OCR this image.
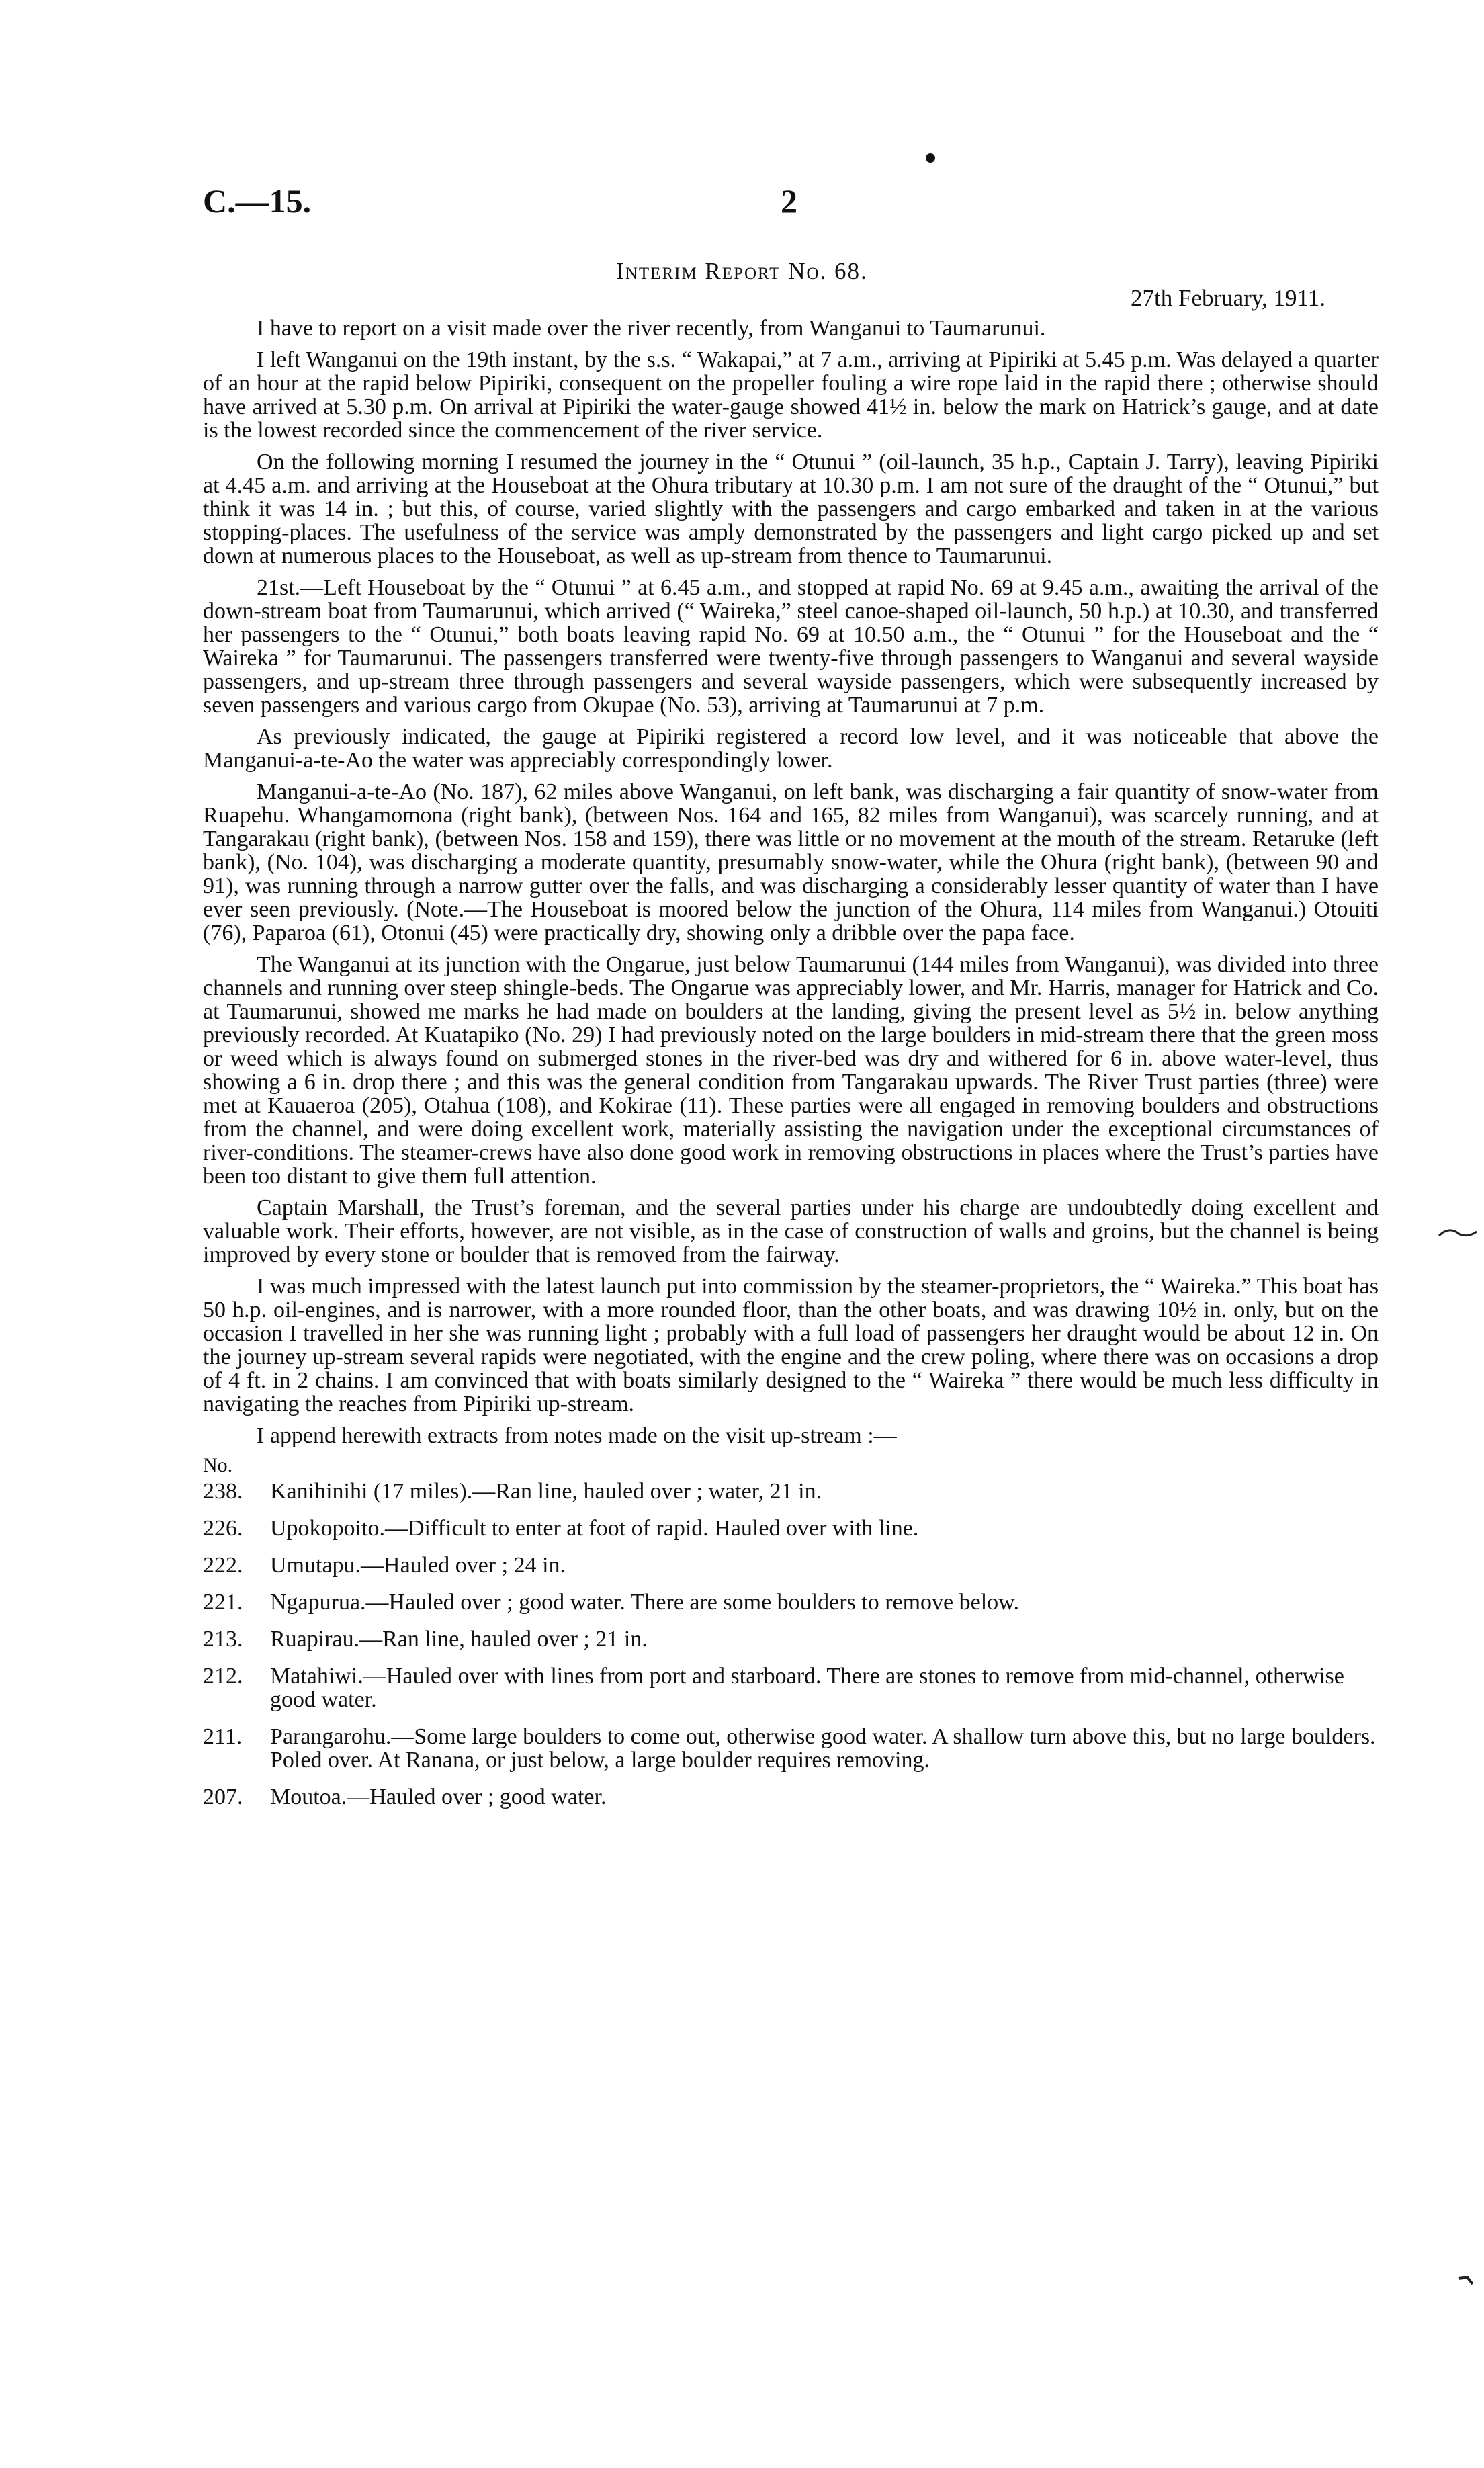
C.—15.	2
Interim Report No. 68.
27th February, 1911.

I have to report on a visit made over the river recently, from Wanganui to Taumarunui.

I left Wanganui on the 19th instant, by the s.s. “ Wakapai,” at 7 a.m., arriving at Pipiriki at 5.45 p.m. Was delayed a quarter of an hour at the rapid below Pipiriki, consequent on the propeller fouling a wire rope laid in the rapid there ; otherwise should have arrived at 5.30 p.m. On arrival at Pipiriki the water-gauge showed 41½ in. below the mark on Hatrick’s gauge, and at date is the lowest recorded since the commencement of the river service.

On the following morning I resumed the journey in the “ Otunui ” (oil-launch, 35 h.p., Captain J. Tarry), leaving Pipiriki at 4.45 a.m. and arriving at the Houseboat at the Ohura tributary at 10.30 p.m. I am not sure of the draught of the “ Otunui,” but think it was 14 in. ; but this, of course, varied slightly with the passengers and cargo embarked and taken in at the various stopping-places. The usefulness of the service was amply demonstrated by the passengers and light cargo picked up and set down at numerous places to the Houseboat, as well as up-stream from thence to Taumarunui.

21st.—Left Houseboat by the “ Otunui ” at 6.45 a.m., and stopped at rapid No. 69 at 9.45 a.m., awaiting the arrival of the down-stream boat from Taumarunui, which arrived (“ Waireka,” steel canoe-shaped oil-launch, 50 h.p.) at 10.30, and transferred her passengers to the “ Otunui,” both boats leaving rapid No. 69 at 10.50 a.m., the “ Otunui ” for the Houseboat and the “ Waireka ” for Taumarunui. The passengers transferred were twenty-five through passengers to Wanganui and several wayside passengers, and up-stream three through passengers and several wayside passengers, which were subsequently increased by seven passengers and various cargo from Okupae (No. 53), arriving at Taumarunui at 7 p.m.

As previously indicated, the gauge at Pipiriki registered a record low level, and it was noticeable that above the Manganui-a-te-Ao the water was appreciably correspondingly lower.

Manganui-a-te-Ao (No. 187), 62 miles above Wanganui, on left bank, was discharging a fair quantity of snow-water from Ruapehu. Whangamomona (right bank), (between Nos. 164 and 165, 82 miles from Wanganui), was scarcely running, and at Tangarakau (right bank), (between Nos. 158 and 159), there was little or no movement at the mouth of the stream. Retaruke (left bank), (No. 104), was discharging a moderate quantity, presumably snow-water, while the Ohura (right bank), (between 90 and 91), was running through a narrow gutter over the falls, and was discharging a considerably lesser quantity of water than I have ever seen previously. (Note.—The Houseboat is moored below the junction of the Ohura, 114 miles from Wanganui.) Otouiti (76), Paparoa (61), Otonui (45) were practically dry, showing only a dribble over the papa face.

The Wanganui at its junction with the Ongarue, just below Taumarunui (144 miles from Wanganui), was divided into three channels and running over steep shingle-beds. The Ongarue was appreciably lower, and Mr. Harris, manager for Hatrick and Co. at Taumarunui, showed me marks he had made on boulders at the landing, giving the present level as 5½ in. below anything previously recorded. At Kuatapiko (No. 29) I had previously noted on the large boulders in mid-stream there that the green moss or weed which is always found on submerged stones in the river-bed was dry and withered for 6 in. above water-level, thus showing a 6 in. drop there ; and this was the general condition from Tangarakau upwards. The River Trust parties (three) were met at Kauaeroa (205), Otahua (108), and Kokirae (11). These parties were all engaged in removing boulders and obstructions from the channel, and were doing excellent work, materially assisting the navigation under the exceptional circumstances of river-conditions. The steamer-crews have also done good work in removing obstructions in places where the Trust’s parties have been too distant to give them full attention.

Captain Marshall, the Trust’s foreman, and the several parties under his charge are undoubtedly doing excellent and valuable work. Their efforts, however, are not visible, as in the case of construction of walls and groins, but the channel is being improved by every stone or boulder that is removed from the fairway.

I was much impressed with the latest launch put into commission by the steamer-proprietors, the “ Waireka.” This boat has 50 h.p. oil-engines, and is narrower, with a more rounded floor, than the other boats, and was drawing 10½ in. only, but on the occasion I travelled in her she was running light ; probably with a full load of passengers her draught would be about 12 in. On the journey up-stream several rapids were negotiated, with the engine and the crew poling, where there was on occasions a drop of 4 ft. in 2 chains. I am convinced that with boats similarly designed to the “ Waireka ” there would be much less difficulty in navigating the reaches from Pipiriki up-stream.

I append herewith extracts from notes made on the visit up-stream :—

No.
238. Kanihinihi (17 miles).—Ran line, hauled over ; water, 21 in.
226. Upokopoito.—Difficult to enter at foot of rapid. Hauled over with line.
222. Umutapu.—Hauled over ; 24 in.
221. Ngapurua.—Hauled over ; good water. There are some boulders to remove below.
213. Ruapirau.—Ran line, hauled over ; 21 in.
212. Matahiwi.—Hauled over with lines from port and starboard. There are stones to remove from mid-channel, otherwise good water.
211. Parangarohu.—Some large boulders to come out, otherwise good water. A shallow turn above this, but no large boulders. Poled over. At Ranana, or just below, a large boulder requires removing.
207. Moutoa.—Hauled over ; good water.
